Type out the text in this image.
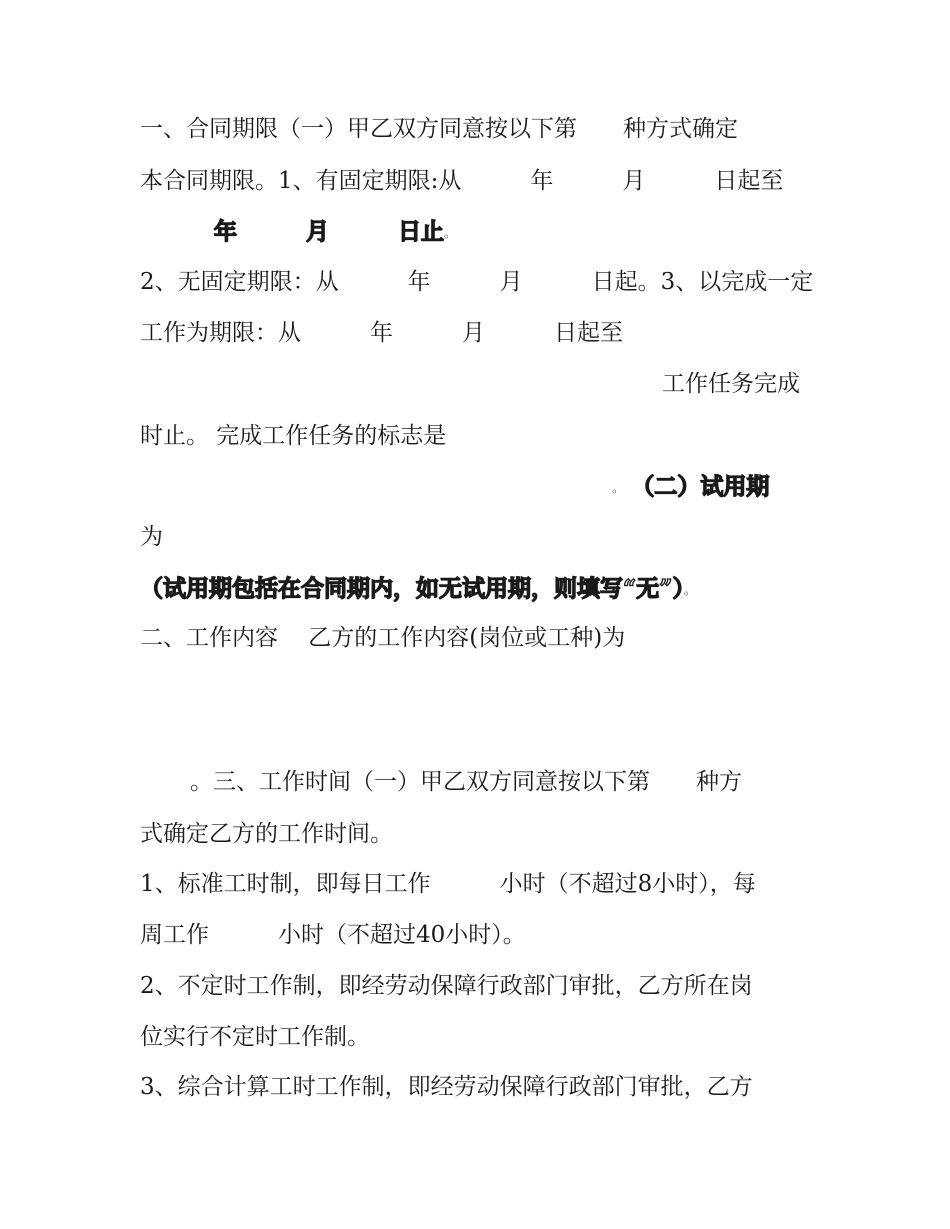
一、合同期限（一）甲乙双方同意按以下第　　种方式确定
本合同期限。1、有固定期限:从　　　年　　　月　　　日起至
年　　　月　　　日止。
2、无固定期限：从　　　年　　　月　　　日起。3、以完成一定
工作为期限：从　　　年　　　月　　　日起至
工作任务完成
时止。 完成工作任务的标志是
。 （二）试用期
为
（试用期包括在合同期内，如无试用期，则填写“无”）。
二、工作内容　 乙方的工作内容(岗位或工种)为
。三、工作时间（一）甲乙双方同意按以下第　　种方
式确定乙方的工作时间。
1、标准工时制，即每日工作　　　小时（不超过8小时），每
周工作　　　小时（不超过40小时）。
2、不定时工作制，即经劳动保障行政部门审批，乙方所在岗
位实行不定时工作制。
3、综合计算工时工作制，即经劳动保障行政部门审批，乙方
